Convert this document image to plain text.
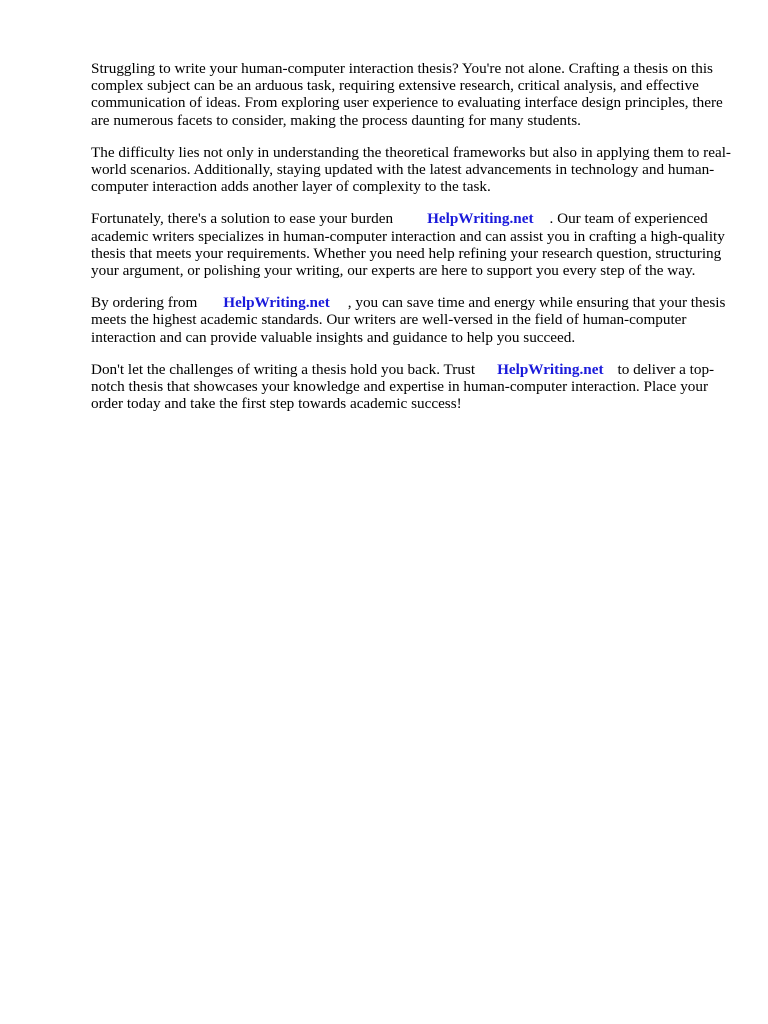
Struggling to write your human-computer interaction thesis? You're not alone. Crafting a thesis on this complex subject can be an arduous task, requiring extensive research, critical analysis, and effective communication of ideas. From exploring user experience to evaluating interface design principles, there are numerous facets to consider, making the process daunting for many students.

The difficulty lies not only in understanding the theoretical frameworks but also in applying them to real-world scenarios. Additionally, staying updated with the latest advancements in technology and human-computer interaction adds another layer of complexity to the task.

Fortunately, there's a solution to ease your burden HelpWriting.net . Our team of experienced academic writers specializes in human-computer interaction and can assist you in crafting a high-quality thesis that meets your requirements. Whether you need help refining your research question, structuring your argument, or polishing your writing, our experts are here to support you every step of the way.

By ordering from HelpWriting.net , you can save time and energy while ensuring that your thesis meets the highest academic standards. Our writers are well-versed in the field of human-computer interaction and can provide valuable insights and guidance to help you succeed.

Don't let the challenges of writing a thesis hold you back. Trust HelpWriting.net to deliver a top-notch thesis that showcases your knowledge and expertise in human-computer interaction. Place your order today and take the first step towards academic success!
